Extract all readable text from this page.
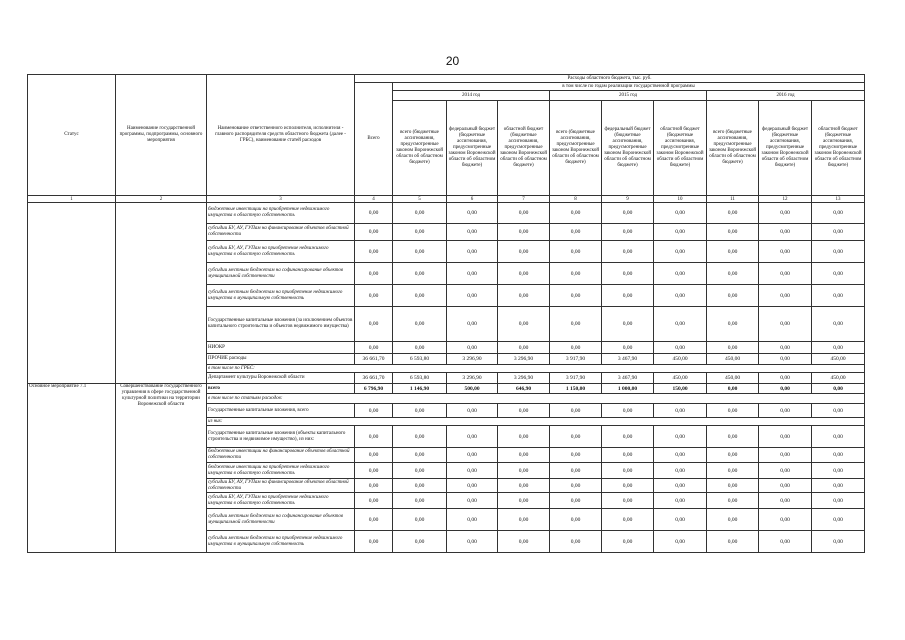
20
Статус	Наименование государственной программы, подпрограммы, основного мероприятия	Наименование ответственного исполнителя, исполнителя - главного распорядителя средств областного бюджета (далее - ГРБС), наименование статей расходов	Расходы областного бюджета, тыс. руб.									
			Всего	в том числе по годам реализации государственной программы								
				2014 год			2015 год			2016 год		
				всего (бюджетные ассигнования, предусмотренные законом Воронежской области об областном бюджете)	федеральный бюджет (бюджетные ассигнования, предусмотренные законом Воронежской области об областном бюджете)	областной бюджет (бюджетные ассигнования, предусмотренные законом Воронежской области об областном бюджете)	всего (бюджетные ассигнования, предусмотренные законом Воронежской области об областном бюджете)	федеральный бюджет (бюджетные ассигнования, предусмотренные законом Воронежской области об областном бюджете)	областной бюджет (бюджетные ассигнования, предусмотренные законом Воронежской области об областном бюджете)	всего (бюджетные ассигнования, предусмотренные законом Воронежской области об областном бюджете)	федеральный бюджет (бюджетные ассигнования, предусмотренные законом Воронежской области об областном бюджете)	областной бюджет (бюджетные ассигнования, предусмотренные законом Воронежской области об областном бюджете)
1	2	3	4	5	6	7	8	9	10	11	12	13
		бюджетные инвестиции на приобретение недвижимого имущества в областную собственность	0,00	0,00	0,00	0,00	0,00	0,00	0,00	0,00	0,00	0,00
		субсидии БУ, АУ, ГУПам на финансирование объектов областной собственности	0,00	0,00	0,00	0,00	0,00	0,00	0,00	0,00	0,00	0,00
		субсидии БУ, АУ, ГУПам на приобретение недвижимого имущества в областную собственность	0,00	0,00	0,00	0,00	0,00	0,00	0,00	0,00	0,00	0,00
		субсидии местным бюджетам на софинансирование объектов муниципальной собственности	0,00	0,00	0,00	0,00	0,00	0,00	0,00	0,00	0,00	0,00
		субсидии местным бюджетам на приобретение недвижимого имущества в муниципальную собственность	0,00	0,00	0,00	0,00	0,00	0,00	0,00	0,00	0,00	0,00
		Государственные капитальные вложения (за исключением объектов капитального строительства и объектов недвижимого имущества)	0,00	0,00	0,00	0,00	0,00	0,00	0,00	0,00	0,00	0,00
		НИОКР	0,00	0,00	0,00	0,00	0,00	0,00	0,00	0,00	0,00	0,00
		ПРОЧИЕ расходы	36 661,70	6 593,80	3 296,90	3 296,90	3 917,90	3 467,90	450,00	450,00	0,00	450,00
		в том числе по ГРБС:										
		Департамент культуры Воронежской области	36 661,70	6 593,80	3 296,90	3 296,90	3 917,90	3 467,90	450,00	450,00	0,00	450,00
Основное мероприятие 7.1	Совершенствование государственного управления в сфере государственной культурной политики на территории Воронежской области	всего	6 796,90	1 146,90	500,00	646,90	1 150,00	1 000,00	150,00	0,00	0,00	0,00
		в том числе по статьям расходов:										
		Государственные капитальные вложения, всего	0,00	0,00	0,00	0,00	0,00	0,00	0,00	0,00	0,00	0,00
		из них:										
		Государственные капитальные вложения (объекты капитального строительства и недвижимое имущество), из них:	0,00	0,00	0,00	0,00	0,00	0,00	0,00	0,00	0,00	0,00
		бюджетные инвестиции на финансирование объектов областной собственности	0,00	0,00	0,00	0,00	0,00	0,00	0,00	0,00	0,00	0,00
		бюджетные инвестиции на приобретение недвижимого имущества в областную собственность	0,00	0,00	0,00	0,00	0,00	0,00	0,00	0,00	0,00	0,00
		субсидии БУ, АУ, ГУПам на финансирование объектов областной собственности	0,00	0,00	0,00	0,00	0,00	0,00	0,00	0,00	0,00	0,00
		субсидии БУ, АУ, ГУПам на приобретение недвижимого имущества в областную собственность	0,00	0,00	0,00	0,00	0,00	0,00	0,00	0,00	0,00	0,00
		субсидии местным бюджетам на софинансирование объектов муниципальной собственности	0,00	0,00	0,00	0,00	0,00	0,00	0,00	0,00	0,00	0,00
		субсидии местным бюджетам на приобретение недвижимого имущества в муниципальную собственность	0,00	0,00	0,00	0,00	0,00	0,00	0,00	0,00	0,00	0,00
